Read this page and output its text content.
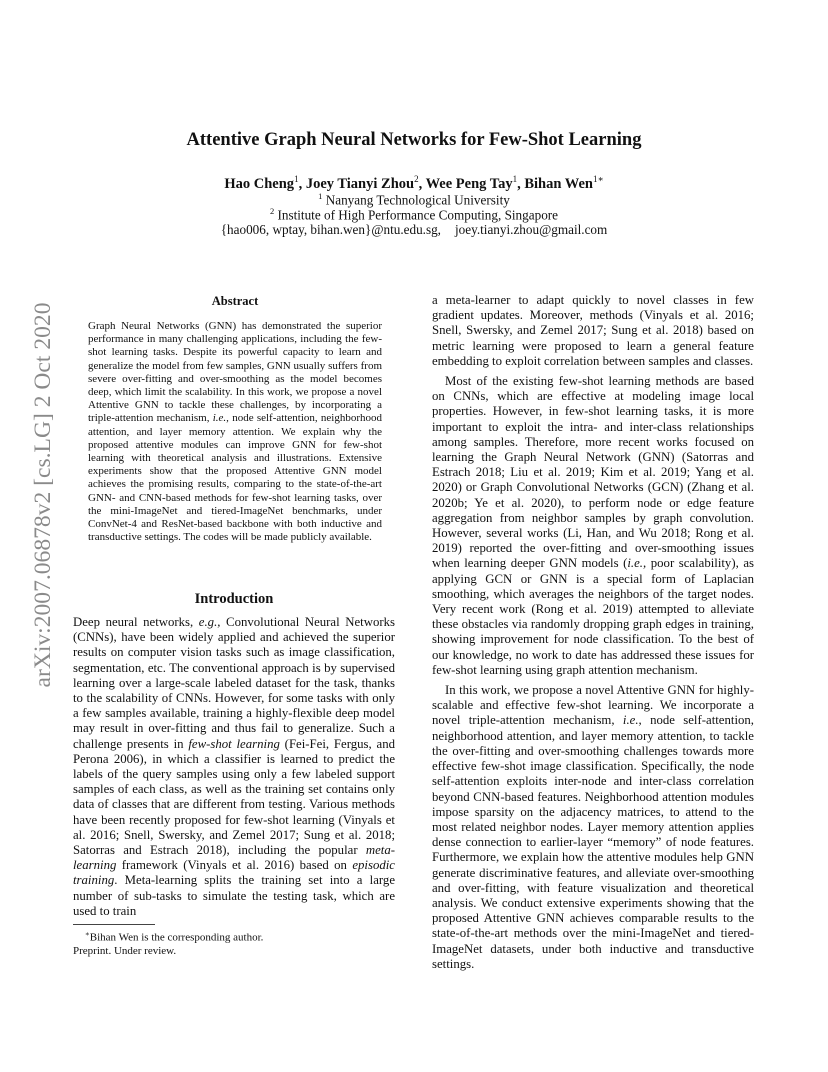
arXiv:2007.06878v2 [cs.LG] 2 Oct 2020
Attentive Graph Neural Networks for Few-Shot Learning
Hao Cheng$^1$, Joey Tianyi Zhou$^2$, Wee Peng Tay$^1$, Bihan Wen$^{1∗}$
$^1$ Nanyang Technological University
$^2$ Institute of High Performance Computing, Singapore
{hao006, wptay, bihan.wen}@ntu.edu.sg, joey.tianyi.zhou@gmail.com
Abstract

Graph Neural Networks (GNN) has demonstrated the superior performance in many challenging applications, including the few-shot learning tasks. Despite its powerful capacity to learn and generalize the model from few samples, GNN usually suffers from severe over-fitting and over-smoothing as the model becomes deep, which limit the scalability. In this work, we propose a novel Attentive GNN to tackle these challenges, by incorporating a triple-attention mechanism, i.e., node self-attention, neighborhood attention, and layer memory attention. We explain why the proposed attentive modules can improve GNN for few-shot learning with theoretical analysis and illustrations. Extensive experiments show that the proposed Attentive GNN model achieves the promising results, comparing to the state-of-the-art GNN- and CNN-based methods for few-shot learning tasks, over the mini-ImageNet and tiered-ImageNet benchmarks, under ConvNet-4 and ResNet-based backbone with both inductive and transductive settings. The codes will be made publicly available.

Introduction

Deep neural networks, e.g., Convolutional Neural Networks (CNNs), have been widely applied and achieved the superior results on computer vision tasks such as image classification, segmentation, etc. The conventional approach is by supervised learning over a large-scale labeled dataset for the task, thanks to the scalability of CNNs. However, for some tasks with only a few samples available, training a highly-flexible deep model may result in over-fitting and thus fail to generalize. Such a challenge presents in few-shot learning (Fei-Fei, Fergus, and Perona 2006), in which a classifier is learned to predict the labels of the query samples using only a few labeled support samples of each class, as well as the training set contains only data of classes that are different from testing. Various methods have been recently proposed for few-shot learning (Vinyals et al. 2016; Snell, Swersky, and Zemel 2017; Sung et al. 2018; Satorras and Estrach 2018), including the popular meta-learning framework (Vinyals et al. 2016) based on episodic training. Meta-learning splits the training set into a large number of sub-tasks to simulate the testing task, which are used to train

a meta-learner to adapt quickly to novel classes in few gradient updates. Moreover, methods (Vinyals et al. 2016; Snell, Swersky, and Zemel 2017; Sung et al. 2018) based on metric learning were proposed to learn a general feature embedding to exploit correlation between samples and classes.

Most of the existing few-shot learning methods are based on CNNs, which are effective at modeling image local properties. However, in few-shot learning tasks, it is more important to exploit the intra- and inter-class relationships among samples. Therefore, more recent works focused on learning the Graph Neural Network (GNN) (Satorras and Estrach 2018; Liu et al. 2019; Kim et al. 2019; Yang et al. 2020) or Graph Convolutional Networks (GCN) (Zhang et al. 2020b; Ye et al. 2020), to perform node or edge feature aggregation from neighbor samples by graph convolution. However, several works (Li, Han, and Wu 2018; Rong et al. 2019) reported the over-fitting and over-smoothing issues when learning deeper GNN models (i.e., poor scalability), as applying GCN or GNN is a special form of Laplacian smoothing, which averages the neighbors of the target nodes. Very recent work (Rong et al. 2019) attempted to alleviate these obstacles via randomly dropping graph edges in training, showing improvement for node classification. To the best of our knowledge, no work to date has addressed these issues for few-shot learning using graph attention mechanism.

In this work, we propose a novel Attentive GNN for highly-scalable and effective few-shot learning. We incorporate a novel triple-attention mechanism, i.e., node self-attention, neighborhood attention, and layer memory attention, to tackle the over-fitting and over-smoothing challenges towards more effective few-shot image classification. Specifically, the node self-attention exploits inter-node and inter-class correlation beyond CNN-based features. Neighborhood attention modules impose sparsity on the adjacency matrices, to attend to the most related neighbor nodes. Layer memory attention applies dense connection to earlier-layer “memory” of node features. Furthermore, we explain how the attentive modules help GNN generate discriminative features, and alleviate over-smoothing and over-fitting, with feature visualization and theoretical analysis. We conduct extensive experiments showing that the proposed Attentive GNN achieves comparable results to the state-of-the-art methods over the mini-ImageNet and tiered-ImageNet datasets, under both inductive and transductive settings.

∗Bihan Wen is the corresponding author.
Preprint. Under review.
